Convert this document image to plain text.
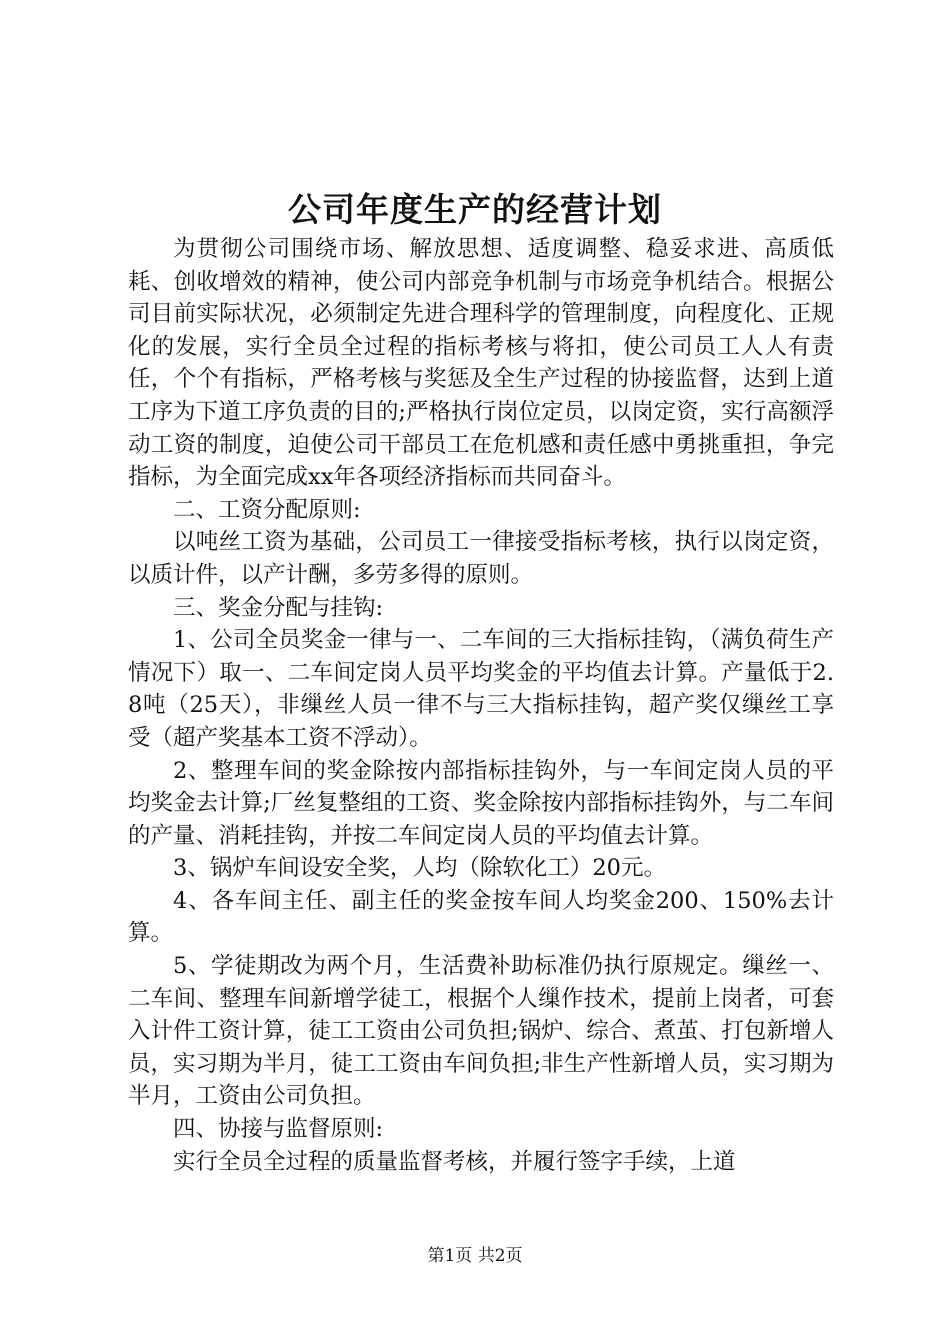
公司年度生产的经营计划

为贯彻公司围绕市场、解放思想、适度调整、稳妥求进、高质低耗、创收增效的精神，使公司内部竞争机制与市场竞争机结合。根据公司目前实际状况，必须制定先进合理科学的管理制度，向程度化、正规化的发展，实行全员全过程的指标考核与将扣，使公司员工人人有责任，个个有指标，严格考核与奖惩及全生产过程的协接监督，达到上道工序为下道工序负责的目的;严格执行岗位定员，以岗定资，实行高额浮动工资的制度，迫使公司干部员工在危机感和责任感中勇挑重担，争完指标，为全面完成xx年各项经济指标而共同奋斗。

二、工资分配原则:

以吨丝工资为基础，公司员工一律接受指标考核，执行以岗定资，以质计件，以产计酬，多劳多得的原则。

三、奖金分配与挂钩:

1、公司全员奖金一律与一、二车间的三大指标挂钩，（满负荷生产情况下）取一、二车间定岗人员平均奖金的平均值去计算。产量低于2.8吨（25天），非缫丝人员一律不与三大指标挂钩，超产奖仅缫丝工享受（超产奖基本工资不浮动）。

2、整理车间的奖金除按内部指标挂钩外，与一车间定岗人员的平均奖金去计算;厂丝复整组的工资、奖金除按内部指标挂钩外，与二车间的产量、消耗挂钩，并按二车间定岗人员的平均值去计算。

3、锅炉车间设安全奖，人均（除软化工）20元。

4、各车间主任、副主任的奖金按车间人均奖金200、150%去计算。

5、学徒期改为两个月，生活费补助标准仍执行原规定。缫丝一、二车间、整理车间新增学徒工，根据个人缫作技术，提前上岗者，可套入计件工资计算，徒工工资由公司负担;锅炉、综合、煮茧、打包新增人员，实习期为半月，徒工工资由车间负担;非生产性新增人员，实习期为半月，工资由公司负担。

四、协接与监督原则:

实行全员全过程的质量监督考核，并履行签字手续，上道

第1页 共2页
